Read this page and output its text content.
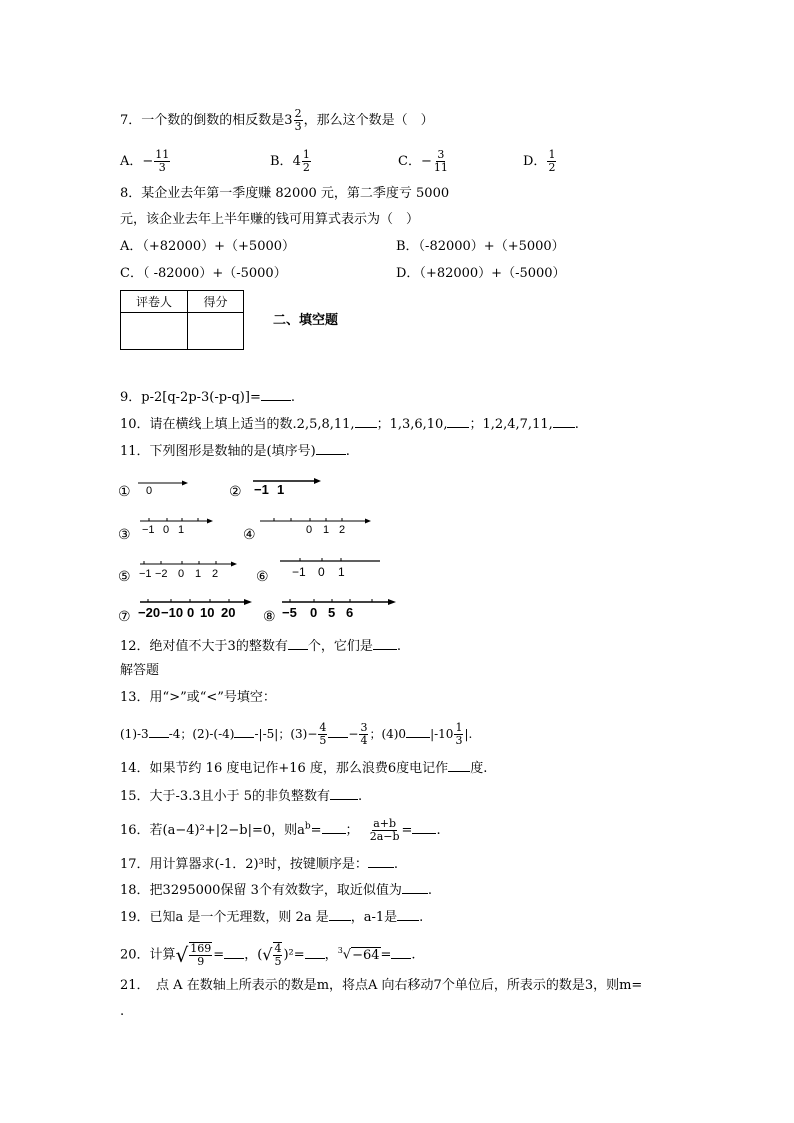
7．一个数的倒数的相反数是$3 \frac{2}{3}$ ，那么这个数是（　）
A．− $\frac{11}{3}$	B．$4 \frac{1}{2}$	C．− $\frac{3}{11}$	D． $\frac{1}{2}$
8．某企业去年第一季度赚 82000 元，第二季度亏 5000
元，该企业去年上半年赚的钱可用算式表示为（　）
A．（+82000）+（+5000）	B．（-82000）+（+5000）
C．（ -82000）+（-5000）	D．（+82000）+（-5000）
评卷人	得分

二、填空题
9．p-2[q-2p-3(-p-q)]= .
10．请在横线上填上适当的数.2,5,8,11, ；1,3,6,10, ；1,2,4,7,11, .
11．下列图形是数轴的是(填序号) .
①	②
③	④
⑤	⑥
⑦	⑧
0	−1 1
−1 0 1	0 1 2
−1 −2 0 1 2	−1 0 1
−20 −10 0 10 20	−5 0 5 6
12．绝对值不大于3的整数有 个，它们是 .
解答题
13．用“>”或“<”号填空：
(1)-3 -4；(2)-(-4) -|-5|；$(3)- \frac{4}{5} - \frac{3}{4}$ ；(4)0 $|-10 \frac{1}{3}$ |.
14．如果节约 16 度电记作+16 度，那么浪费6度电记作 度.
15．大于-3.3且小于 5的非负整数有 .
16．若(a−4)²+|2−b|=0，则$a^b=$ ； $\frac{a+b}{2a-b}$ = .
17．用计算器求(-1．2)³时，按键顺序是： .
18．把3295000保留 3个有效数字，取近似值为 .
19．已知a 是一个无理数，则 2a 是 ，a-1是 .
20．计算√ $\frac{169}{9}$ = ，(√ $\frac{4}{5} )^2=$ ，$^3$√−64= .
21．　点 A 在数轴上所表示的数是m，将点A 向右移动7个单位后，所表示的数是3，则m=
.
